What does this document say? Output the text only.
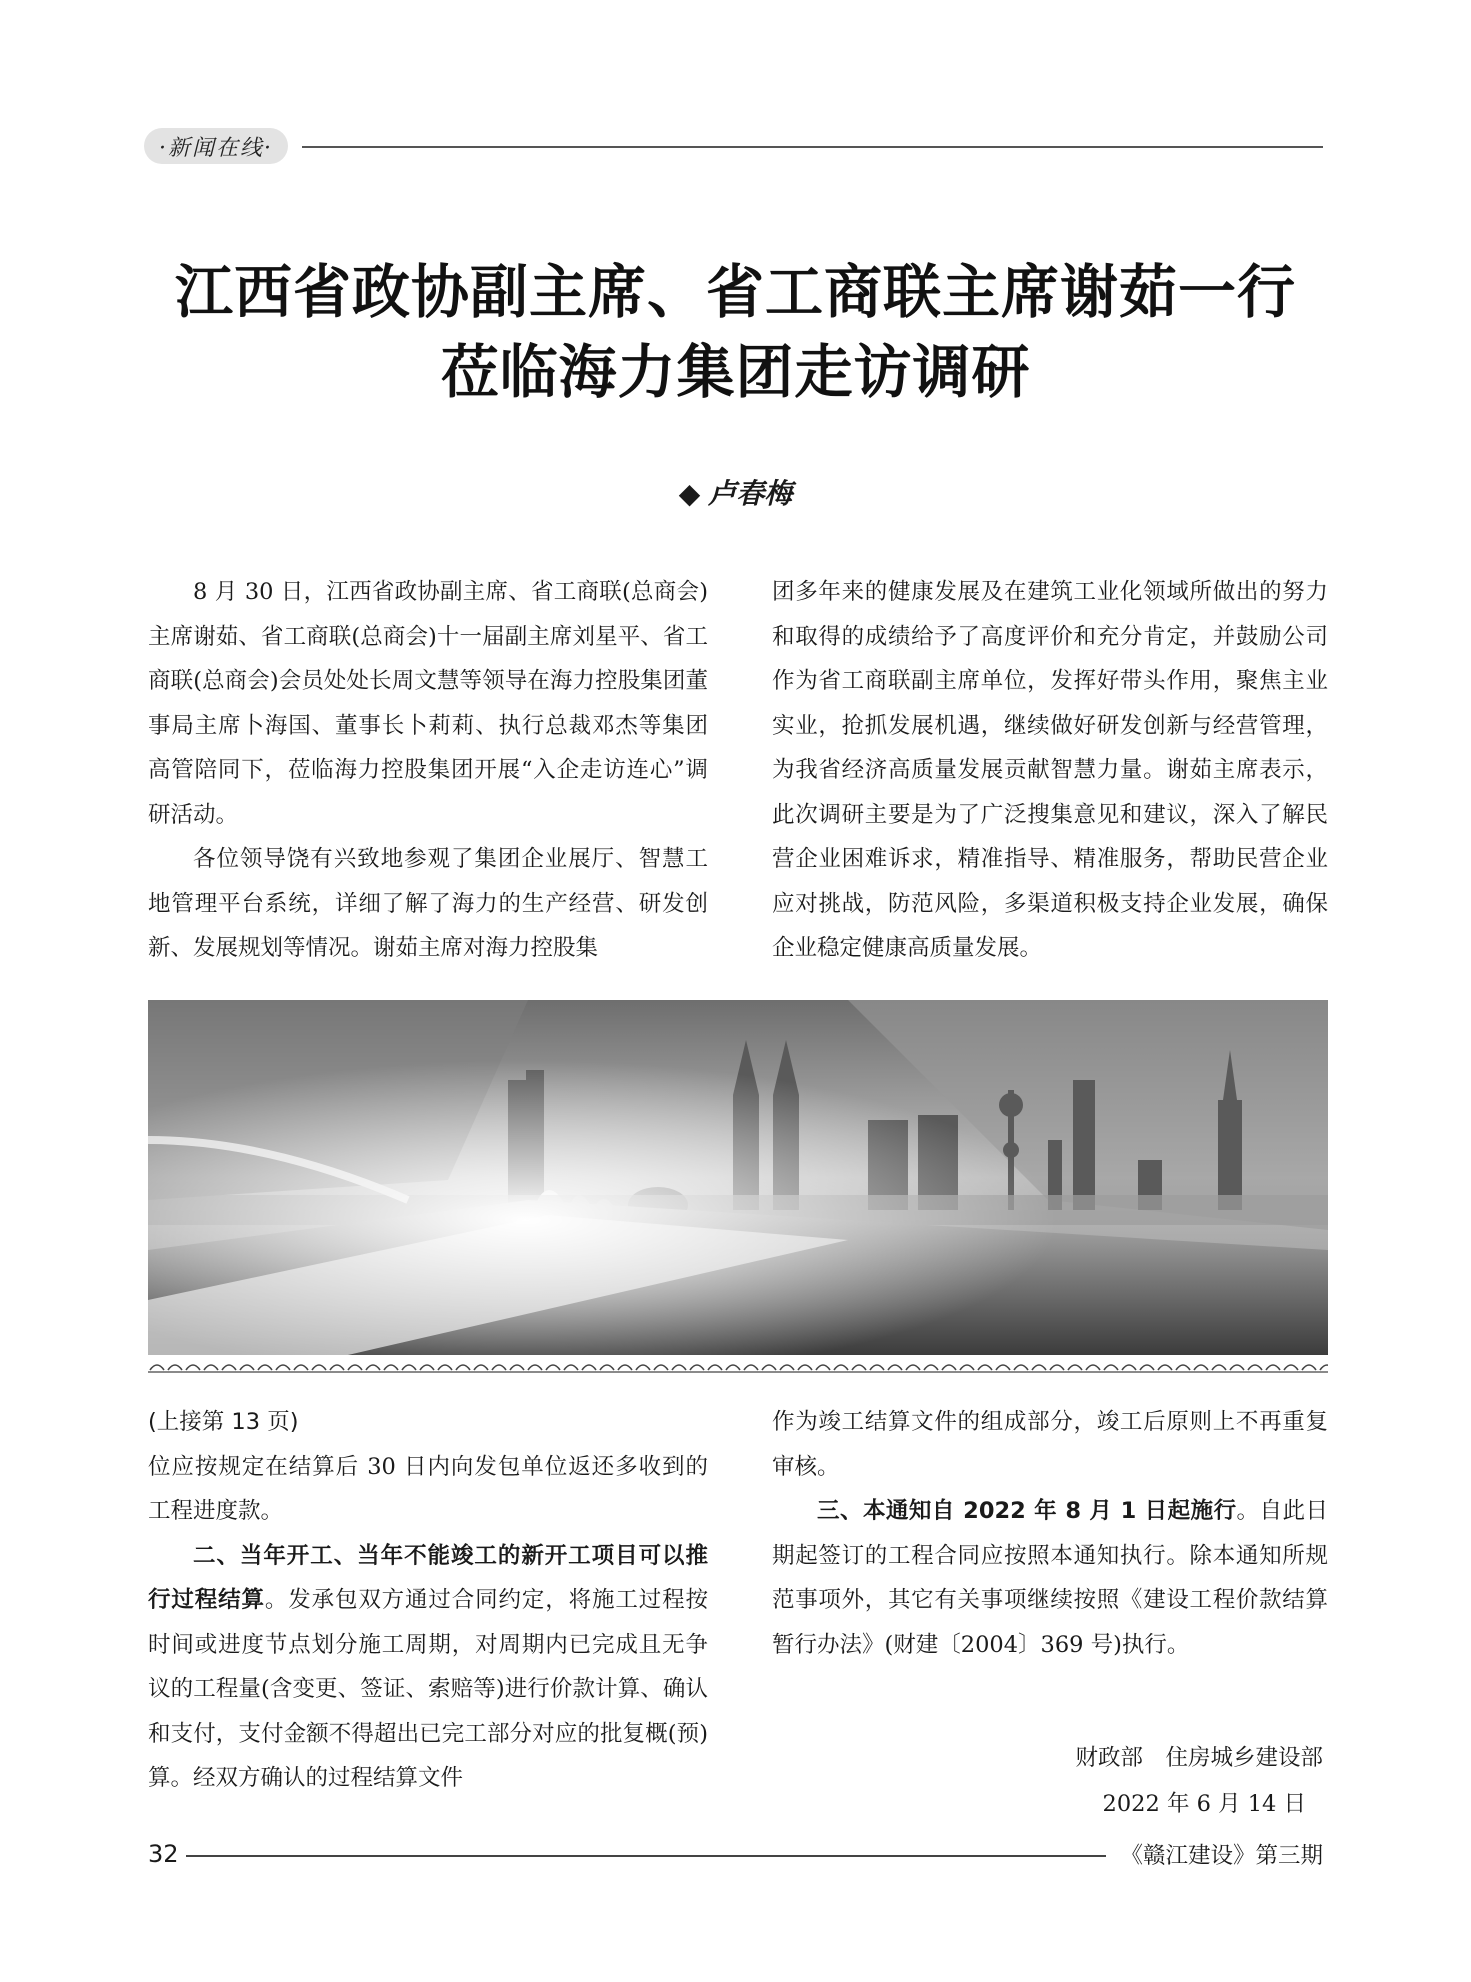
·新闻在线·
江西省政协副主席、省工商联主席谢茹一行
莅临海力集团走访调研
◆ 卢春梅

8 月 30 日，江西省政协副主席、省工商联(总商会)主席谢茹、省工商联(总商会)十一届副主席刘星平、省工商联(总商会)会员处处长周文慧等领导在海力控股集团董事局主席卜海国、董事长卜莉莉、执行总裁邓杰等集团高管陪同下，莅临海力控股集团开展“入企走访连心”调研活动。

各位领导饶有兴致地参观了集团企业展厅、智慧工地管理平台系统，详细了解了海力的生产经营、研发创新、发展规划等情况。谢茹主席对海力控股集

团多年来的健康发展及在建筑工业化领域所做出的努力和取得的成绩给予了高度评价和充分肯定，并鼓励公司作为省工商联副主席单位，发挥好带头作用，聚焦主业实业，抢抓发展机遇，继续做好研发创新与经营管理，为我省经济高质量发展贡献智慧力量。谢茹主席表示，此次调研主要是为了广泛搜集意见和建议，深入了解民营企业困难诉求，精准指导、精准服务，帮助民营企业应对挑战，防范风险，多渠道积极支持企业发展，确保企业稳定健康高质量发展。

(上接第 13 页)

位应按规定在结算后 30 日内向发包单位返还多收到的工程进度款。

二、当年开工、当年不能竣工的新开工项目可以推行过程结算。发承包双方通过合同约定，将施工过程按时间或进度节点划分施工周期，对周期内已完成且无争议的工程量(含变更、签证、索赔等)进行价款计算、确认和支付，支付金额不得超出已完工部分对应的批复概(预)算。经双方确认的过程结算文件

作为竣工结算文件的组成部分，竣工后原则上不再重复审核。

三、本通知自 2022 年 8 月 1 日起施行。自此日期起签订的工程合同应按照本通知执行。除本通知所规范事项外，其它有关事项继续按照《建设工程价款结算暂行办法》(财建〔2004〕369 号)执行。

财政部　住房城乡建设部
2022 年 6 月 14 日
32	《赣江建设》第三期
